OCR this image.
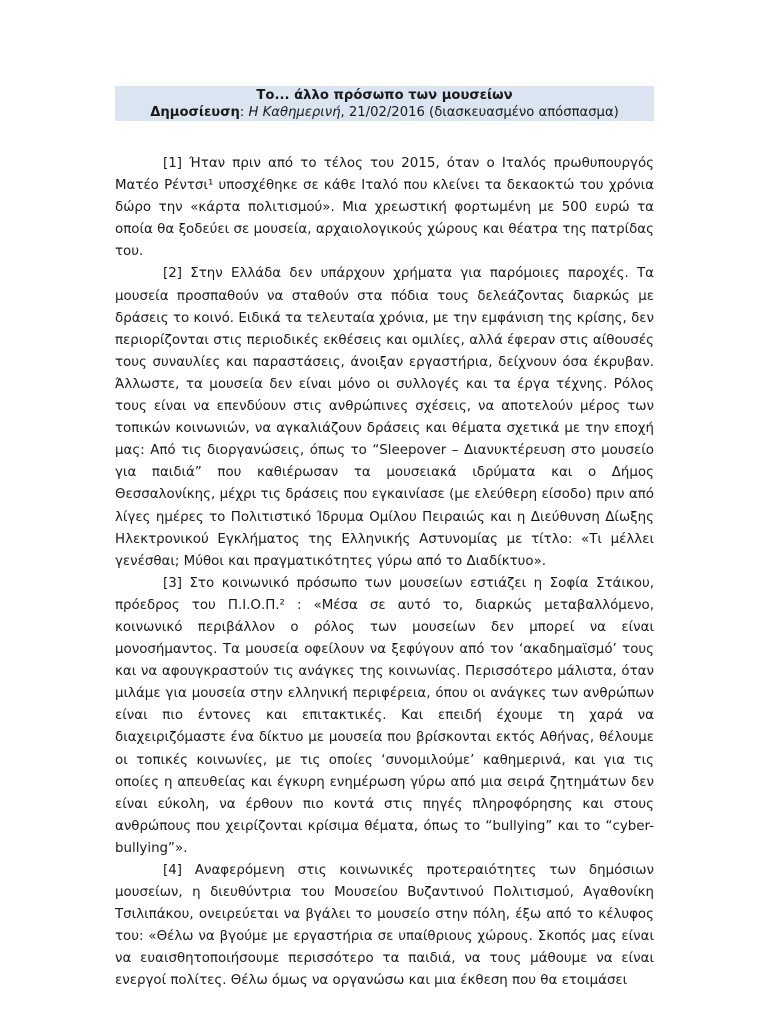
Το... άλλο πρόσωπο των μουσείων
Δημοσίευση: Η Καθημερινή, 21/02/2016 (διασκευασμένο απόσπασμα)

[1] Ήταν πριν από το τέλος του 2015, όταν ο Ιταλός πρωθυπουργός Ματέο Ρέντσι¹ υποσχέθηκε σε κάθε Ιταλό που κλείνει τα δεκαοκτώ του χρόνια δώρο την «κάρτα πολιτισμού». Μια χρεωστική φορτωμένη με 500 ευρώ τα οποία θα ξοδεύει σε μουσεία, αρχαιολογικούς χώρους και θέατρα της πατρίδας του.

[2] Στην Ελλάδα δεν υπάρχουν χρήματα για παρόμοιες παροχές. Τα μουσεία προσπαθούν να σταθούν στα πόδια τους δελεάζοντας διαρκώς με δράσεις το κοινό. Ειδικά τα τελευταία χρόνια, με την εμφάνιση της κρίσης, δεν περιορίζονται στις περιοδικές εκθέσεις και ομιλίες, αλλά έφεραν στις αίθουσές τους συναυλίες και παραστάσεις, άνοιξαν εργαστήρια, δείχνουν όσα έκρυβαν. Άλλωστε, τα μουσεία δεν είναι μόνο οι συλλογές και τα έργα τέχνης. Ρόλος τους είναι να επενδύουν στις ανθρώπινες σχέσεις, να αποτελούν μέρος των τοπικών κοινωνιών, να αγκαλιάζουν δράσεις και θέματα σχετικά με την εποχή μας: Από τις διοργανώσεις, όπως το “Sleepover – Διανυκτέρευση στο μουσείο για παιδιά” που καθιέρωσαν τα μουσειακά ιδρύματα και ο Δήμος Θεσσαλονίκης, μέχρι τις δράσεις που εγκαινίασε (με ελεύθερη είσοδο) πριν από λίγες ημέρες το Πολιτιστικό Ίδρυμα Ομίλου Πειραιώς και η Διεύθυνση Δίωξης Ηλεκτρονικού Εγκλήματος της Ελληνικής Αστυνομίας με τίτλο: «Τι μέλλει γενέσθαι; Μύθοι και πραγματικότητες γύρω από το Διαδίκτυο».

[3] Στο κοινωνικό πρόσωπο των μουσείων εστιάζει η Σοφία Στάικου, πρόεδρος του Π.Ι.Ο.Π.² : «Μέσα σε αυτό το, διαρκώς μεταβαλλόμενο, κοινωνικό περιβάλλον ο ρόλος των μουσείων δεν μπορεί να είναι μονοσήμαντος. Τα μουσεία οφείλουν να ξεφύγουν από τον ‘ακαδημαϊσμό’ τους και να αφουγκραστούν τις ανάγκες της κοινωνίας. Περισσότερο μάλιστα, όταν μιλάμε για μουσεία στην ελληνική περιφέρεια, όπου οι ανάγκες των ανθρώπων είναι πιο έντονες και επιτακτικές. Και επειδή έχουμε τη χαρά να διαχειριζόμαστε ένα δίκτυο με μουσεία που βρίσκονται εκτός Αθήνας, θέλουμε οι τοπικές κοινωνίες, με τις οποίες ‘συνομιλούμε’ καθημερινά, και για τις οποίες η απευθείας και έγκυρη ενημέρωση γύρω από μια σειρά ζητημάτων δεν είναι εύκολη, να έρθουν πιο κοντά στις πηγές πληροφόρησης και στους ανθρώπους που χειρίζονται κρίσιμα θέματα, όπως το “bullying” και το “cyber-bullying”».

[4] Αναφερόμενη στις κοινωνικές προτεραιότητες των δημόσιων μουσείων, η διευθύντρια του Μουσείου Βυζαντινού Πολιτισμού, Αγαθονίκη Τσιλιπάκου, ονειρεύεται να βγάλει το μουσείο στην πόλη, έξω από το κέλυφος του: «Θέλω να βγούμε με εργαστήρια σε υπαίθριους χώρους. Σκοπός μας είναι να ευαισθητοποιήσουμε περισσότερο τα παιδιά, να τους μάθουμε να είναι ενεργοί πολίτες. Θέλω όμως να οργανώσω και μια έκθεση που θα ετοιμάσει
